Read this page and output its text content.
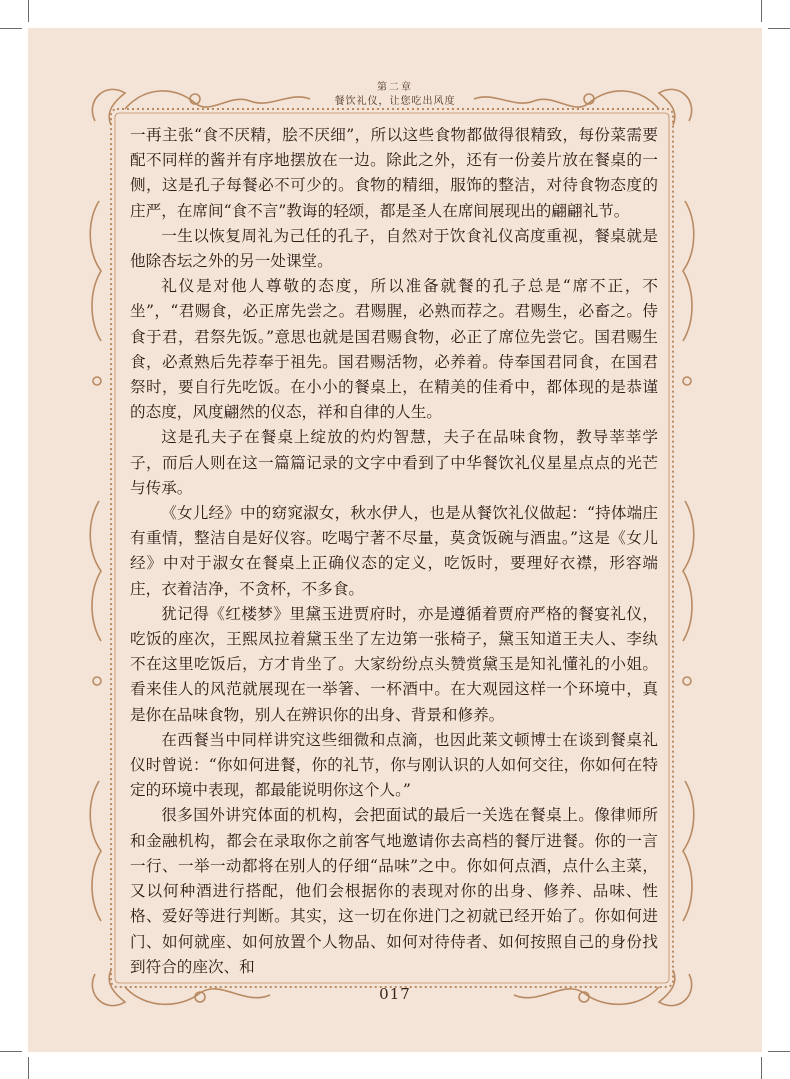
第二章
餐饮礼仪，让您吃出风度

一再主张“食不厌精，脍不厌细”，所以这些食物都做得很精致，每份菜需要配不同样的酱并有序地摆放在一边。除此之外，还有一份姜片放在餐桌的一侧，这是孔子每餐必不可少的。食物的精细，服饰的整洁，对待食物态度的庄严，在席间“食不言”教诲的轻颂，都是圣人在席间展现出的翩翩礼节。

一生以恢复周礼为己任的孔子，自然对于饮食礼仪高度重视，餐桌就是他除杏坛之外的另一处课堂。

礼仪是对他人尊敬的态度，所以准备就餐的孔子总是“席不正，不坐”，“君赐食，必正席先尝之。君赐腥，必熟而荐之。君赐生，必畜之。侍食于君，君祭先饭。”意思也就是国君赐食物，必正了席位先尝它。国君赐生食，必煮熟后先荐奉于祖先。国君赐活物，必养着。侍奉国君同食，在国君祭时，要自行先吃饭。在小小的餐桌上，在精美的佳肴中，都体现的是恭谨的态度，风度翩然的仪态，祥和自律的人生。

这是孔夫子在餐桌上绽放的灼灼智慧，夫子在品味食物，教导莘莘学子，而后人则在这一篇篇记录的文字中看到了中华餐饮礼仪星星点点的光芒与传承。

《女儿经》中的窈窕淑女，秋水伊人，也是从餐饮礼仪做起：“持体端庄有重情，整洁自是好仪容。吃喝宁著不尽量，莫贪饭碗与酒盅。”这是《女儿经》中对于淑女在餐桌上正确仪态的定义，吃饭时，要理好衣襟，形容端庄，衣着洁净，不贪杯，不多食。

犹记得《红楼梦》里黛玉进贾府时，亦是遵循着贾府严格的餐宴礼仪，吃饭的座次，王熙凤拉着黛玉坐了左边第一张椅子，黛玉知道王夫人、李纨不在这里吃饭后，方才肯坐了。大家纷纷点头赞赏黛玉是知礼懂礼的小姐。看来佳人的风范就展现在一举箸、一杯酒中。在大观园这样一个环境中，真是你在品味食物，别人在辨识你的出身、背景和修养。

在西餐当中同样讲究这些细微和点滴，也因此莱文顿博士在谈到餐桌礼仪时曾说：“你如何进餐，你的礼节，你与刚认识的人如何交往，你如何在特定的环境中表现，都最能说明你这个人。”

很多国外讲究体面的机构，会把面试的最后一关选在餐桌上。像律师所和金融机构，都会在录取你之前客气地邀请你去高档的餐厅进餐。你的一言一行、一举一动都将在别人的仔细“品味”之中。你如何点酒，点什么主菜，又以何种酒进行搭配，他们会根据你的表现对你的出身、修养、品味、性格、爱好等进行判断。其实，这一切在你进门之初就已经开始了。你如何进门、如何就座、如何放置个人物品、如何对待侍者、如何按照自己的身份找到符合的座次、和

017
